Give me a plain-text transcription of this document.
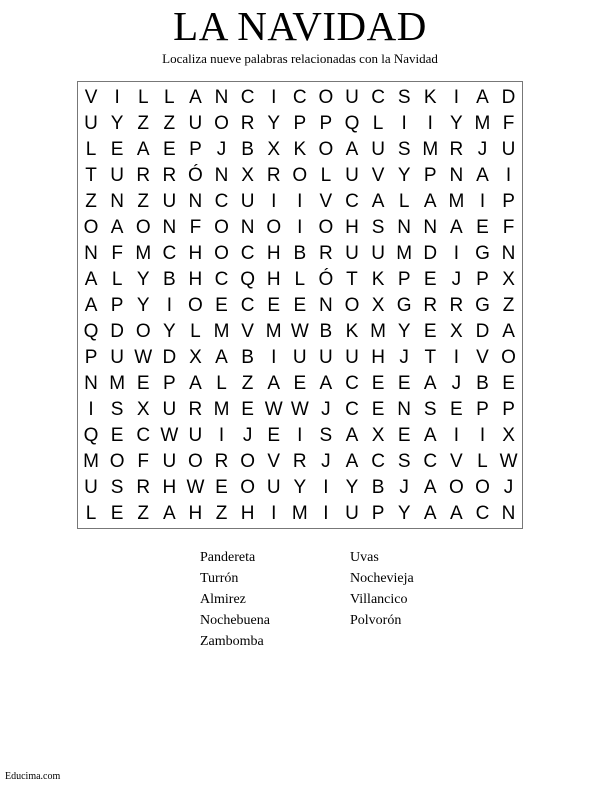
LA NAVIDAD
Localiza nueve palabras relacionadas con la Navidad
V I L L A N C I C O U C S K I A D
U Y Z Z U O R Y P P Q L I	I Y M F
L E A E P J B X K O A U S M R J U
T U R R Ó N X R O L U V Y P N A I
Z N Z U N C U I	I V C A L A M I P
O A O N F O N O I O H S N N A E F
N F M C H O C H B R U U M D I G N
A L Y B H C Q H L Ó T K P E J P X
A P Y I O E C E E N O X G R R G Z
Q D O Y L M V M W B K M Y E X D A
P U W D X A B I U U U H J T I V O
N M E P A L Z A E A C E E A J B E
I S X U R M E W W J C E N S E P P
Q E C W U I J E I S A X E A I	I X
M O F U O R O V R J A C S C V L W
U S R H W E O U Y I Y B J A O O J
L E Z A H Z H I M I U P Y A A C N
Pandereta
Turrón
Almirez
Nochebuena
Zambomba
Uvas
Nochevieja
Villancico
Polvorón
Educima.com
